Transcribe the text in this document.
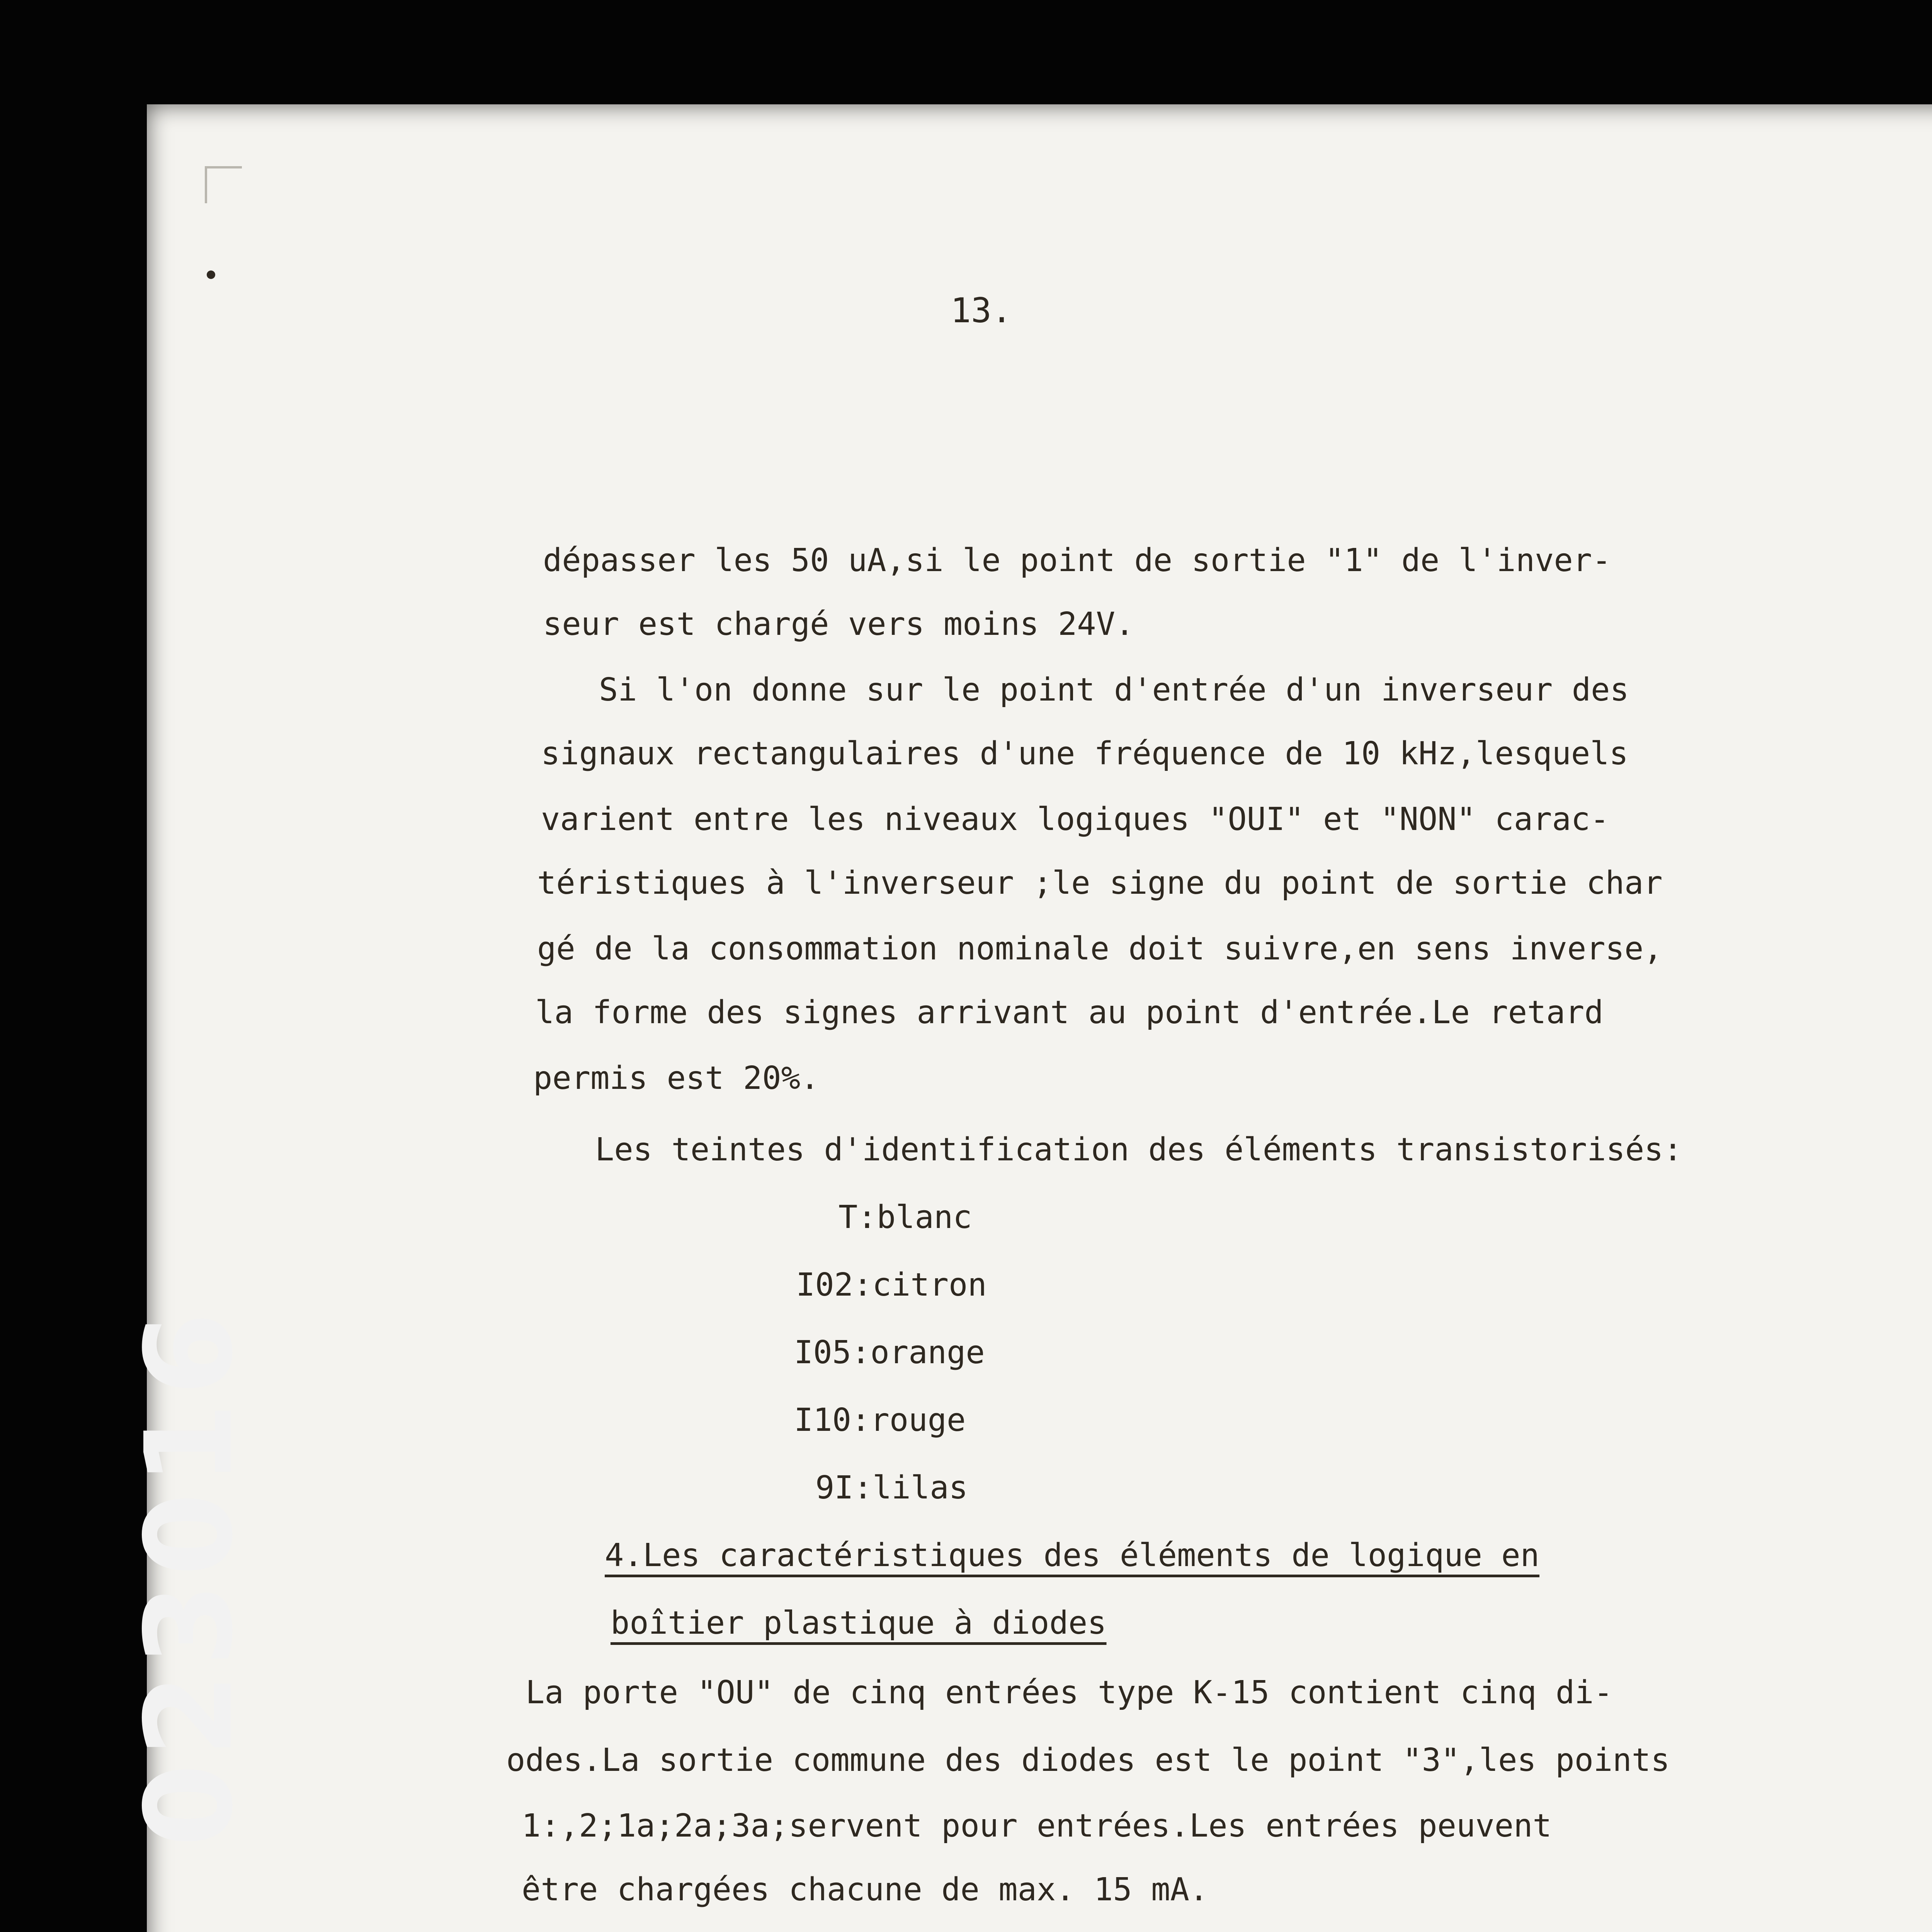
13.
dépasser les 50 uA,si le point de sortie "1" de l'inver-
seur est chargé vers moins 24V.
Si l'on donne sur le point d'entrée d'un inverseur des
signaux rectangulaires d'une fréquence de 10 kHz,lesquels
varient entre les niveaux logiques "OUI" et "NON" carac-
téristiques à l'inverseur ;le signe du point de sortie char
gé de la consommation nominale doit suivre,en sens inverse,
la forme des signes arrivant au point d'entrée.Le retard
permis est 20%.
Les teintes d'identification des éléments transistorisés:
T:blanc
I02:citron
I05:orange
I10:rouge
9I:lilas
4.Les caractéristiques des éléments de logique en
boîtier plastique à diodes
La porte "OU" de cinq entrées type K-15 contient cinq di-
odes.La sortie commune des diodes est le point "3",les points
1:,2;1a;2a;3a;servent pour entrées.Les entrées peuvent
être chargées chacune de max. 15 mA.
023016
